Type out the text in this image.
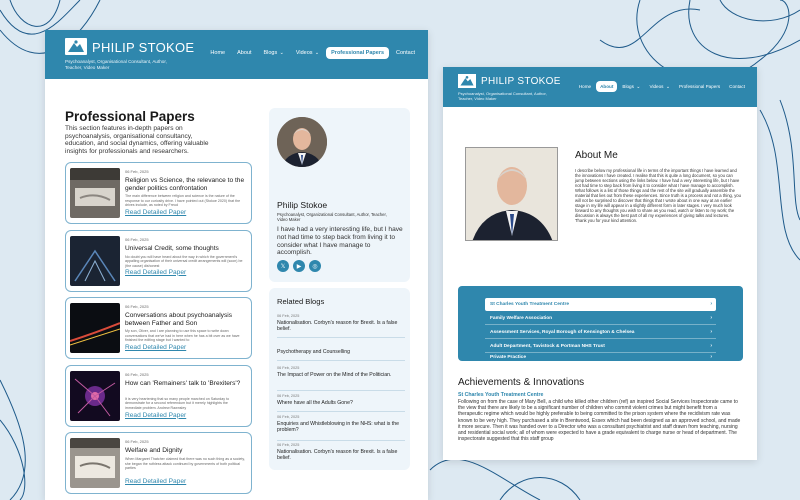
PHILIP STOKOE
Psychoanalyst, Organisational Consultant, Author, Teacher, Video Maker
Home	About	Blogs ⌄	Videos ⌄	Professional Papers	Contact
Professional Papers
This section features in-depth papers on psychoanalysis, organisational consultancy, education, and social dynamics, offering valuable insights for professionals and researchers.
06 Feb, 2025
Religion vs Science, the relevance to the gender politics confrontation
The main difference between religion and science is the nature of the response to our curiosity drive. I have pointed out (Stokoe 2020) that the drives include, as noted by Freud
Read Detailed Paper
06 Feb, 2025
Universal Credit, some thoughts
No doubt you will have heard about the way in which the government's appalling organisation of their universal credit arrangements will (soon) be (the cause) dishonest
Read Detailed Paper
06 Feb, 2025
Conversations about psychoanalysis between Father and Son
My son, Oliver, and I are planning to use this space to write down conversations that we've had in here when he has a bit over as we have finished the editing stage but I wanted to
Read Detailed Paper
06 Feb, 2025
How can 'Remainers' talk to 'Brexiters'?
It is very heartening that so many people marched on Saturday to demonstrate for a second referendum but it merely highlights the immediate problem. Andrew Rawnsley
Read Detailed Paper
06 Feb, 2025
Welfare and Dignity
When Margaret Thatcher claimed that there was no such thing as a society, she began the ruthless attack continued by governments of both political parties
Read Detailed Paper
Philip Stokoe
Psychoanalyst, Organizational Consultant, Author, Teacher, Video Maker
I have had a very interesting life, but I have not had time to step back from living it to consider what I have manage to accomplish.
𝕏	▶	◎
Related Blogs
06 Feb, 2025
Nationalisation. Corbyn's reason for Brexit. Is a false belief.
Psychotherapy and Counselling
06 Feb, 2025
The Impact of Power on the Mind of the Politician.
06 Feb, 2025
Where have all the Adults Gone?
06 Feb, 2025
Enquiries and Whistleblowing in the NHS: what is the problem?
06 Feb, 2025
Nationalisation. Corbyn's reason for Brexit. Is a false belief.
PHILIP STOKOE
Psychoanalyst, Organisational Consultant, Author, Teacher, Video Maker
Home	About	Blogs ⌄	Videos ⌄	Professional Papers	Contact
About Me
I describe below my professional life in terms of the important things I have learned and the innovations I have created. I realise that this is quite a long document, so you can jump between sections using the links below. I have had a very interesting life, but I have not had time to step back from living it to consider what I have manage to accomplish. What follows is a list of those things and the rest of the site will gradually assemble the material that lies out from these experiences. Since truth is a process and not a thing, you will not be surprised to discover that things that I wrote about in one way at an earlier stage in my life will appear in a slightly different form in later stages. I very much look forward to any thoughts you wish to share as you read, watch or listen to my work; the discussion is always the best part of all my experiences of giving talks and lectures. Thank you for your kind attention.
St Charles Youth Treatment Centre	›
Family Welfare Association	›
Assessment Services, Royal Borough of Kensington & Chelsea	›
Adult Department, Tavistock & Portman NHS Trust	›
Private Practice	›
Achievements & Innovations
St Charles Youth Treatment Centre
Following on from the case of Mary Bell, a child who killed other children (ref) an inspired Social Services Inspectorate came to the view that there are likely to be a significant number of children who commit violent crimes but might benefit from a therapeutic regime which would be highly preferable to being committed to the prison system where the recidivism rate was known to be very high. They purchased a site in Brentwood, Essex which had been designed as an approved school, and made it more secure. Then it was handed over to a Director who was a consultant psychiatrist and staff drawn from teaching, nursing and residential social work; all of whom were expected to have a grade equivalent to charge nurse or head of department. The inspectorate suggested that this staff group
